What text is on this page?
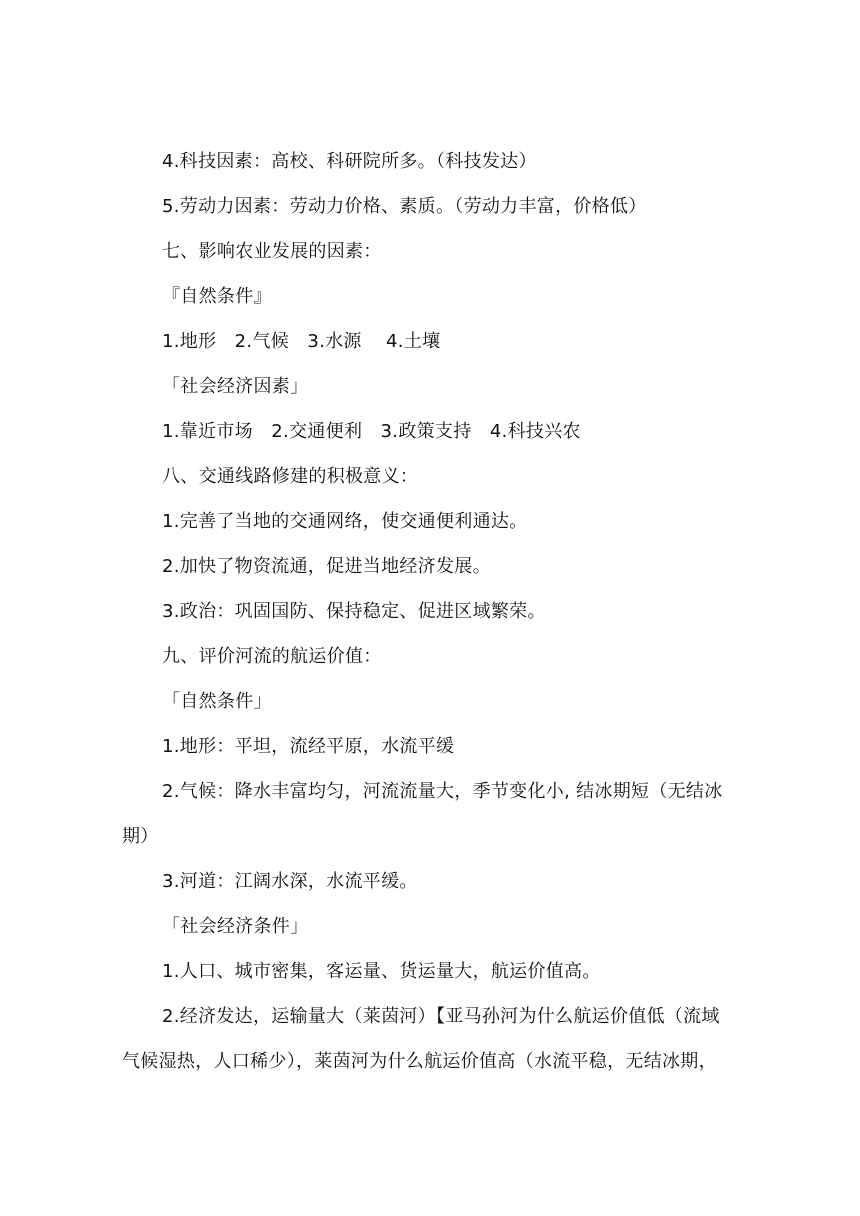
4.科技因素：高校、科研院所多。（科技发达）
5.劳动力因素：劳动力价格、素质。（劳动力丰富，价格低）
七、影响农业发展的因素：
『自然条件』
1.地形　2.气候　3.水源　 4.土壤
「社会经济因素」
1.靠近市场　2.交通便利　3.政策支持　4.科技兴农
八、交通线路修建的积极意义：
1.完善了当地的交通网络，使交通便利通达。
2.加快了物资流通，促进当地经济发展。
3.政治：巩固国防、保持稳定、促进区域繁荣。
九、评价河流的航运价值：
「自然条件」
1.地形：平坦，流经平原，水流平缓
2.气候：降水丰富均匀，河流流量大，季节变化小, 结冰期短（无结冰
期）
3.河道：江阔水深，水流平缓。
「社会经济条件」
1.人口、城市密集，客运量、货运量大，航运价值高。
2.经济发达，运输量大（莱茵河）【亚马孙河为什么航运价值低（流域
气候湿热，人口稀少），莱茵河为什么航运价值高（水流平稳，无结冰期，
